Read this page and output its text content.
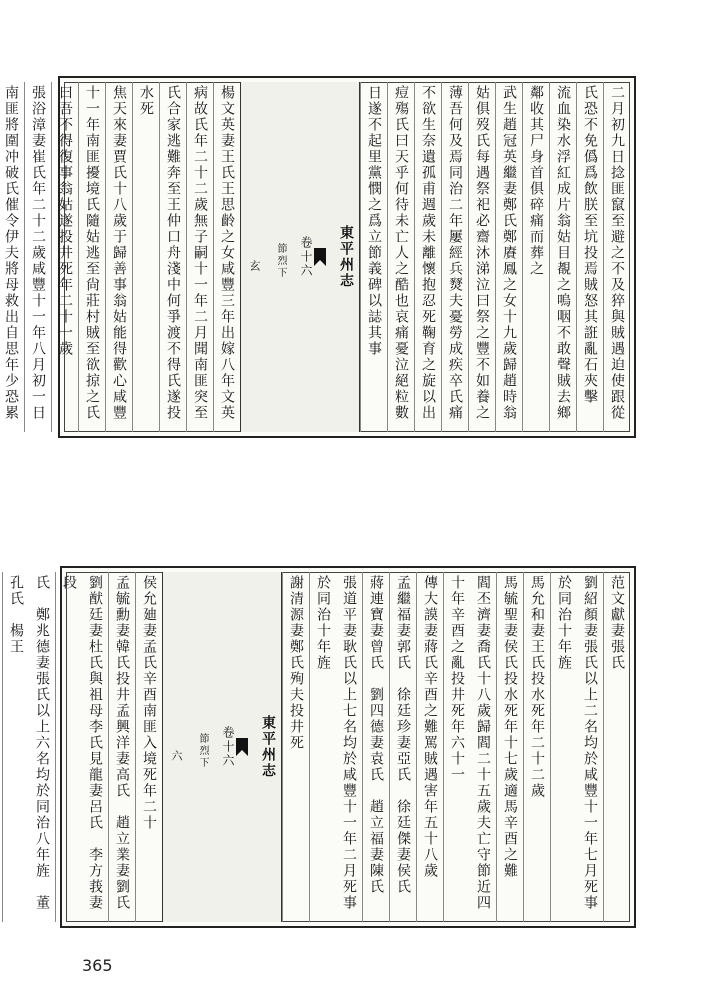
二月初九日捻匪竄至避之不及猝與賊遇迫使跟從
氏恐不免僞爲飲朕至坑投焉賊怒其誑亂石夾擊
流血染水浮紅成片翁姑目覩之嗚咽不敢聲賊去鄉
鄰收其尸身首俱碎痛而葬之
武生趙冠英繼妻鄭氏鄭賡鳳之女十九歲歸趙時翁
姑俱歿氏每遇祭祀必齋沐涕泣曰祭之豐不如養之
薄吾何及焉同治二年屢經兵燹夫憂勞成疾卒氏痛
不欲生奈遺孤甫週歲未離懷抱忍死鞠育之旋以出
痘殤氏曰天乎何待未亡人之酷也哀痛憂泣絕粒數
日遂不起里黨憫之爲立節義碑以誌其事
東平州志
卷十六
節烈下
玄
楊文英妻王氏王思齡之女咸豐三年出嫁八年文英
病故氏年二十二歲無子嗣十一年二月聞南匪突至
氏合家逃難奔至王仲口舟淺中何爭渡不得氏遂投
水死
焦天來妻賈氏十八歲于歸善事翁姑能得歡心咸豐
十一年南匪擾境氏隨姑逃至尙莊村賊至欲掠之氏
曰吾不得復事翁姑遂投井死年二十一歲
張浴漳妻崔氏年二十二歲咸豐十一年八月初一日
南匪將圍冲破氏催令伊夫將母救出自思年少恐累
范文獻妻張氏
劉紹顏妻張氏以上二名均於咸豐十一年七月死事於同治十年旌
馬允和妻王氏投水死年二十二歲
馬毓聖妻侯氏投水死年十七歲適馬辛酉之難
閻丕濟妻喬氏十八歲歸閻二十五歲夫亡守節近四十年辛酉之亂投井死年六十一
傳大謨妻蔣氏辛酉之難罵賊遇害年五十八歲
孟繼福妻郭氏　徐廷珍妻亞氏　徐廷傑妻侯氏
蔣連寶妻曾氏　劉四德妻袁氏　趙立福妻陳氏
張道平妻耿氏以上七名均於咸豐十一年二月死事於同治十年旌
謝清源妻鄭氏殉夫投井死
東平州志
卷十六
節烈下
六
侯允廸妻孟氏辛酉南匪入境死年二十
孟毓勳妻韓氏投井孟興洋妻高氏　趙立業妻劉氏
劉猷廷妻杜氏與祖母李氏見龍妻呂氏　李方莪妻段
氏　鄭兆德妻張氏以上六名均於同治八年旌　董孔氏　楊王
365
